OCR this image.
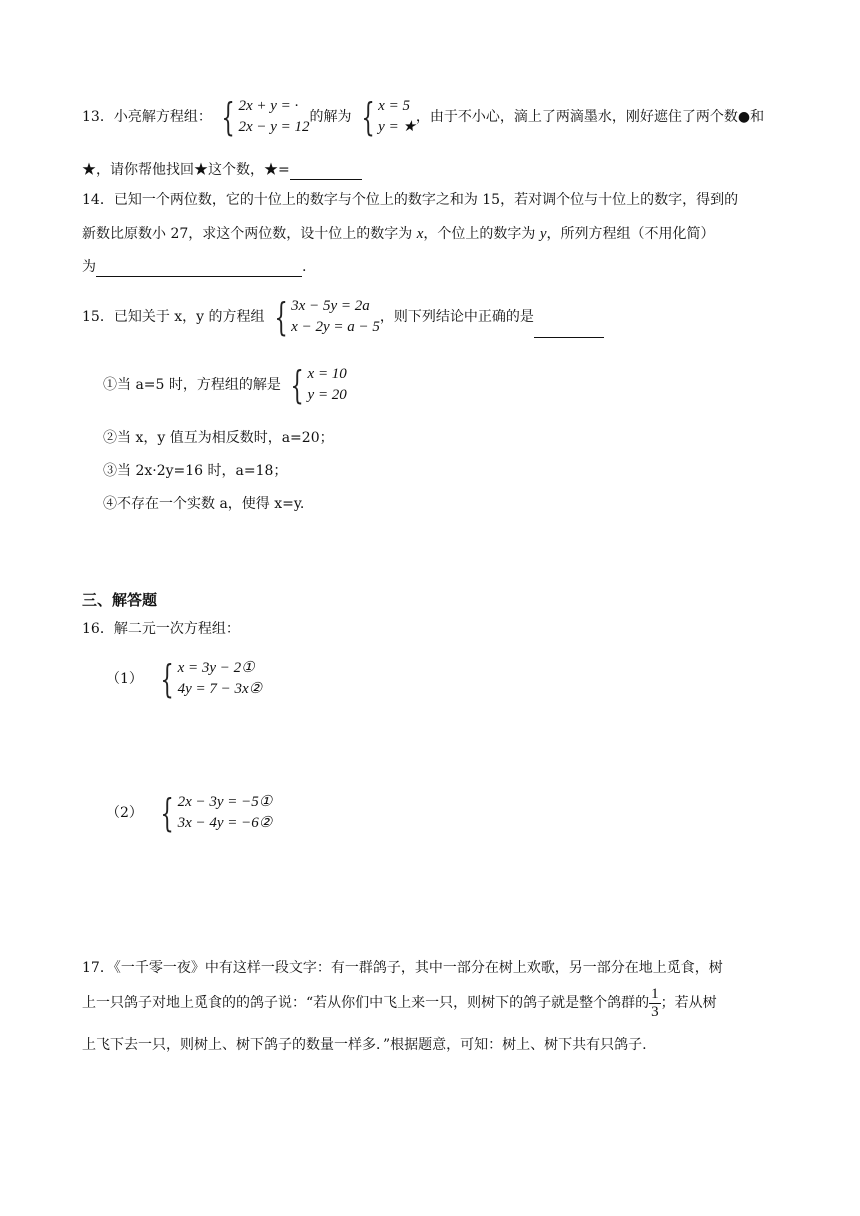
13．小亮解方程组： { 2x + y = ·
2x − y = 12
的解为 { x = 5
y = ★
，由于不小心，滴上了两滴墨水，刚好遮住了两个数●和
★，请你帮他找回★这个数，★=
14．已知一个两位数，它的十位上的数字与个位上的数字之和为 15，若对调个位与十位上的数字，得到的
新数比原数小 27，求这个两位数，设十位上的数字为 x，个位上的数字为 y，所列方程组（不用化简）
为	.
15．已知关于 x，y 的方程组 { 3x − 5y = 2a
x − 2y = a − 5
，则下列结论中正确的是
①当 a=5 时，方程组的解是 { x = 10
y = 20
②当 x，y 值互为相反数时，a=20；
③当 2x·2y=16 时，a=18；
④不存在一个实数 a，使得 x=y.
三、解答题
16．解二元一次方程组：
（1） { x = 3y − 2①
4y = 7 − 3x②
（2） { 2x − 3y = −5①
3x − 4y = −6②
17．《一千零一夜》中有这样一段文字：有一群鸽子，其中一部分在树上欢歌，另一部分在地上觅食，树
上一只鸽子对地上觅食的的鸽子说：“若从你们中飞上来一只，则树下的鸽子就是整个鸽群的 $\frac{1}{3}$ ；若从树
上飞下去一只，则树上、树下鸽子的数量一样多．”根据题意，可知：树上、树下共有只鸽子.
